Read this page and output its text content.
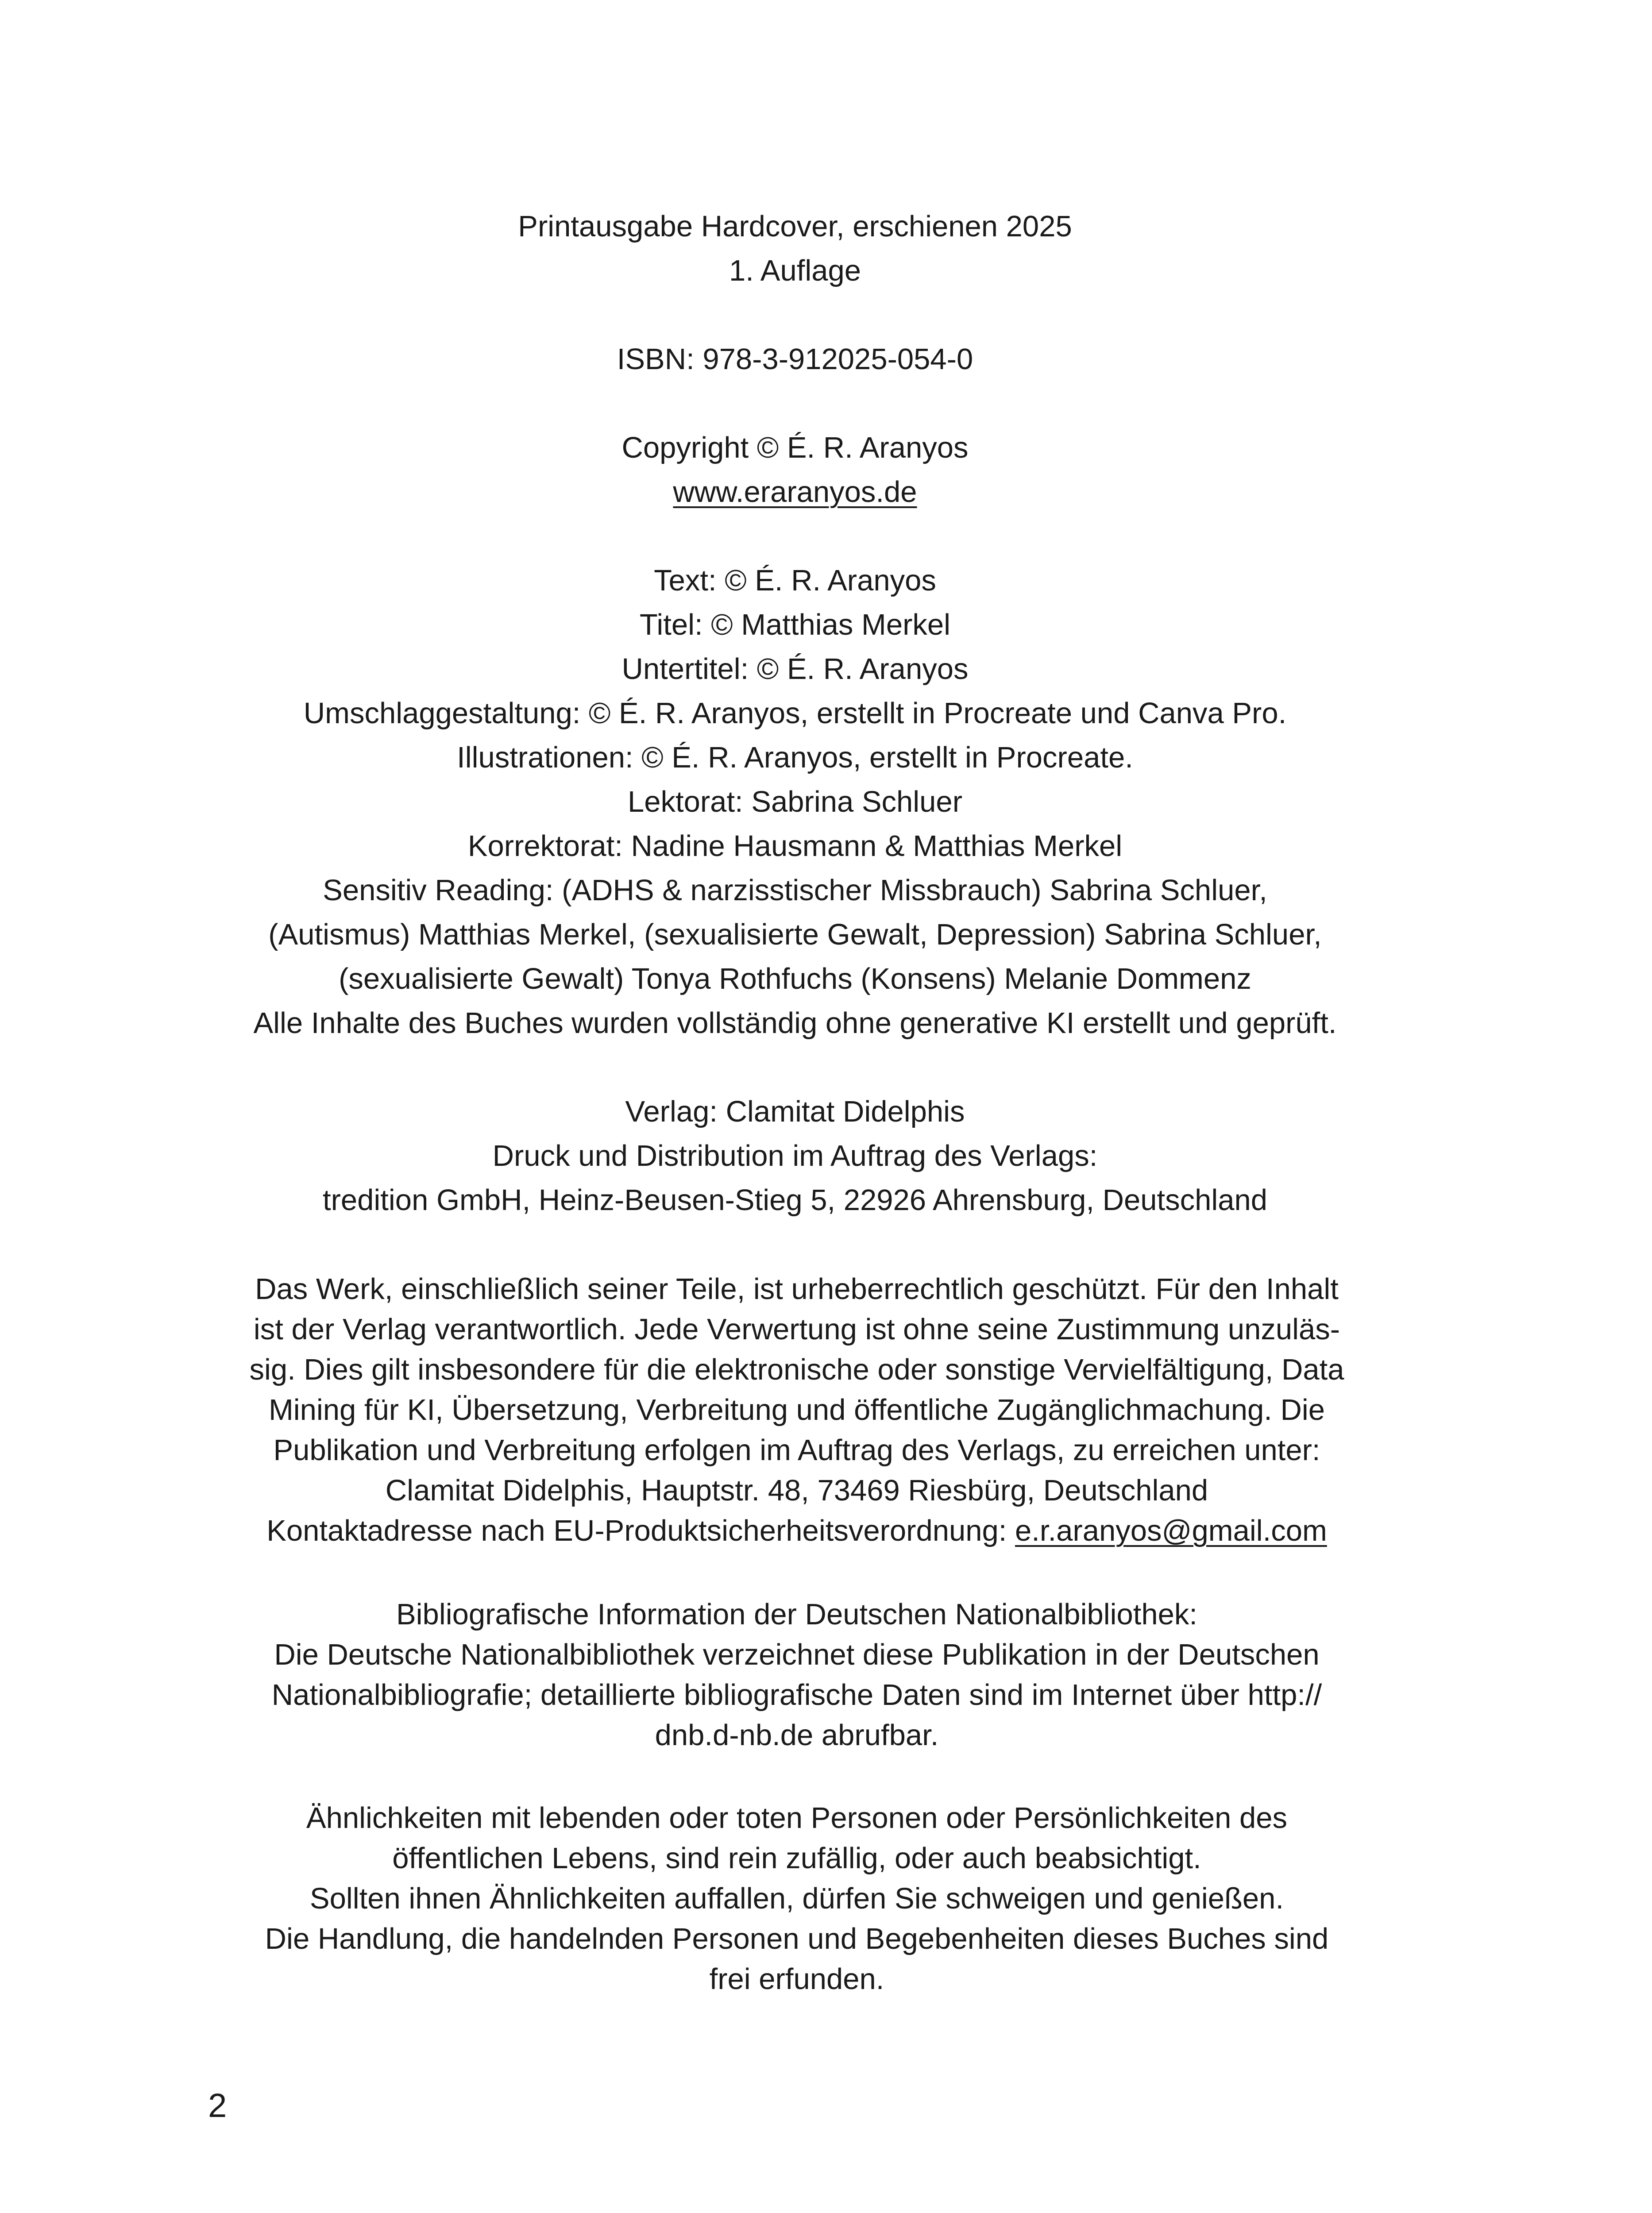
Printausgabe Hardcover, erschienen 2025
1. Auflage
ISBN: 978-3-912025-054-0
Copyright © É. R. Aranyos
www.eraranyos.de
Text: © É. R. Aranyos
Titel: © Matthias Merkel
Untertitel: © É. R. Aranyos
Umschlaggestaltung: © É. R. Aranyos, erstellt in Procreate und Canva Pro.
Illustrationen: © É. R. Aranyos, erstellt in Procreate.
Lektorat: Sabrina Schluer
Korrektorat: Nadine Hausmann & Matthias Merkel
Sensitiv Reading: (ADHS & narzisstischer Missbrauch) Sabrina Schluer,
(Autismus) Matthias Merkel, (sexualisierte Gewalt, Depression) Sabrina Schluer,
(sexualisierte Gewalt) Tonya Rothfuchs (Konsens) Melanie Dommenz
Alle Inhalte des Buches wurden vollständig ohne generative KI erstellt und geprüft.
Verlag: Clamitat Didelphis
Druck und Distribution im Auftrag des Verlags:
tredition GmbH, Heinz-Beusen-Stieg 5, 22926 Ahrensburg, Deutschland
Das Werk, einschließlich seiner Teile, ist urheberrechtlich geschützt. Für den Inhalt
ist der Verlag verantwortlich. Jede Verwertung ist ohne seine Zustimmung unzuläs-
sig. Dies gilt insbesondere für die elektronische oder sonstige Vervielfältigung, Data
Mining für KI, Übersetzung, Verbreitung und öffentliche Zugänglichmachung. Die
Publikation und Verbreitung erfolgen im Auftrag des Verlags, zu erreichen unter:
Clamitat Didelphis, Hauptstr. 48, 73469 Riesbürg, Deutschland
Kontaktadresse nach EU-Produktsicherheitsverordnung: e.r.aranyos@gmail.com
Bibliografische Information der Deutschen Nationalbibliothek:
Die Deutsche Nationalbibliothek verzeichnet diese Publikation in der Deutschen
Nationalbibliografie; detaillierte bibliografische Daten sind im Internet über http://
dnb.d-nb.de abrufbar.
Ähnlichkeiten mit lebenden oder toten Personen oder Persönlichkeiten des
öffentlichen Lebens, sind rein zufällig, oder auch beabsichtigt.
Sollten ihnen Ähnlichkeiten auffallen, dürfen Sie schweigen und genießen.
Die Handlung, die handelnden Personen und Begebenheiten dieses Buches sind
frei erfunden.
2
